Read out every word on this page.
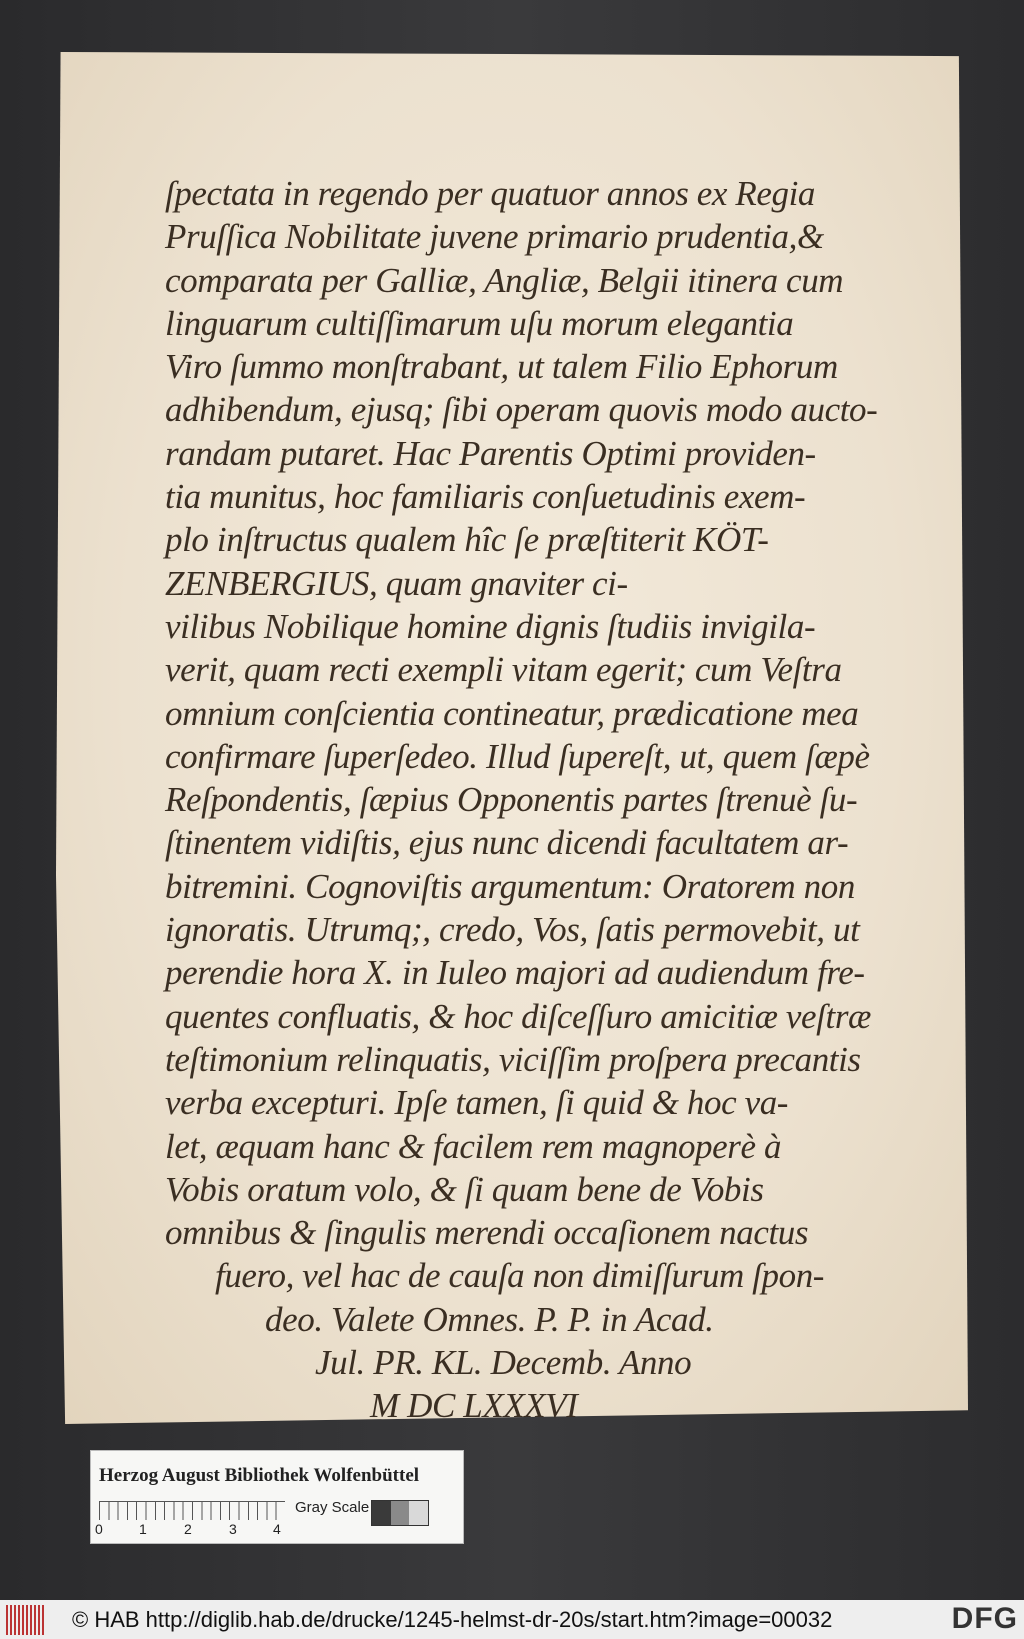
ſpectata in regendo per quatuor annos ex Regia
Pruſſica Nobilitate juvene primario prudentia,&
comparata per Galliæ, Angliæ, Belgii itinera cum
linguarum cultiſſimarum uſu morum elegantia
Viro ſummo monſtrabant, ut talem Filio Ephorum
adhibendum, ejusq; ſibi operam quovis modo aucto-
randam putaret. Hac Parentis Optimi providen-
tia munitus, hoc familiaris conſuetudinis exem-
plo inſtructus qualem hîc ſe præſtiterit KÖT-
ZENBERGIUS, quam gnaviter ci-
vilibus Nobilique homine dignis ſtudiis invigila-
verit, quam recti exempli vitam egerit; cum Veſtra
omnium conſcientia contineatur, prædicatione mea
confirmare ſuperſedeo. Illud ſupereſt, ut, quem ſæpè
Reſpondentis, ſæpius Opponentis partes ſtrenuè ſu-
ſtinentem vidiſtis, ejus nunc dicendi facultatem ar-
bitremini. Cognoviſtis argumentum: Oratorem non
ignoratis. Utrumq;, credo, Vos, ſatis permovebit, ut
perendie hora X. in Iuleo majori ad audiendum fre-
quentes confluatis, & hoc diſceſſuro amicitiæ veſtræ
teſtimonium relinquatis, viciſſim proſpera precantis
verba excepturi. Ipſe tamen, ſi quid & hoc va-
let, æquam hanc & facilem rem magnoperè à
Vobis oratum volo, & ſi quam bene de Vobis
omnibus & ſingulis merendi occaſionem nactus
fuero, vel hac de cauſa non dimiſſurum ſpon-
deo. Valete Omnes. P. P. in Acad.
Jul. PR. KL. Decemb. Anno
M DC LXXXVI
Herzog August Bibliothek Wolfenbüttel
0	1	2	3	4
Gray Scale
© HAB http://diglib.hab.de/drucke/1245-helmst-dr-20s/start.htm?image=00032	DFG
